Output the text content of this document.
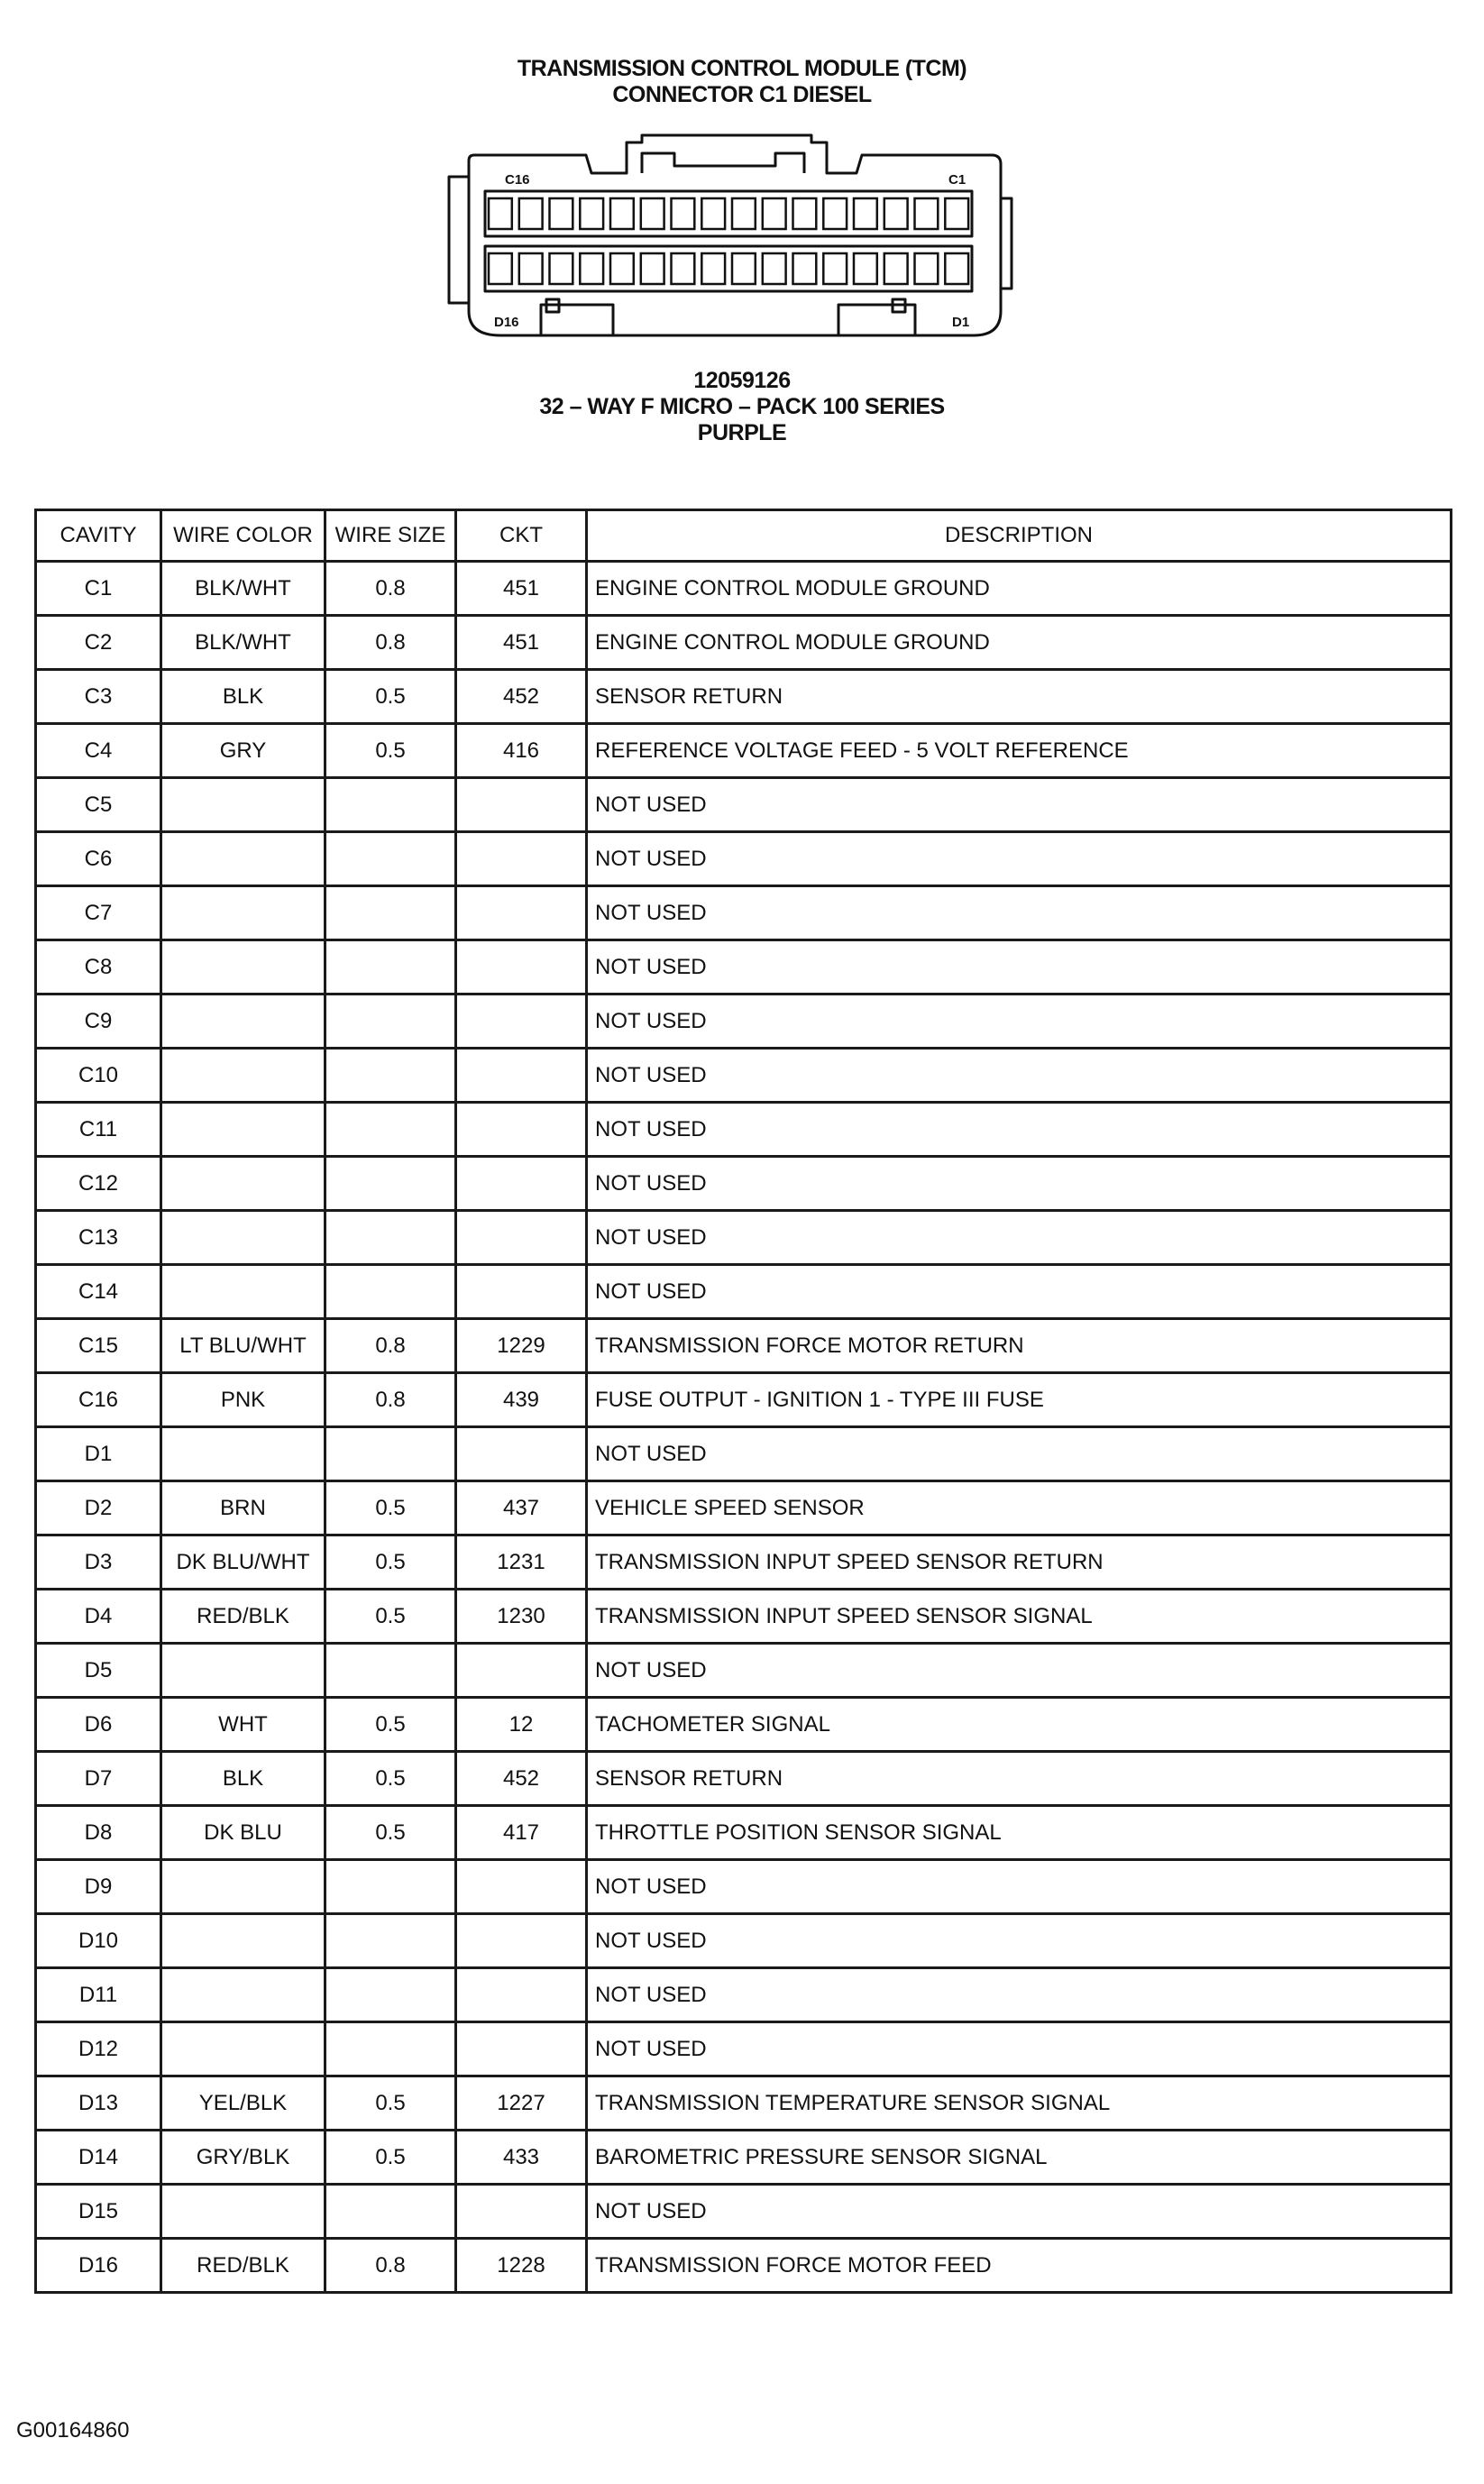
TRANSMISSION CONTROL MODULE (TCM)
CONNECTOR C1 DIESEL
C16	C1
D16	D1
12059126
32 – WAY F MICRO – PACK 100 SERIES
PURPLE
CAVITY	WIRE COLOR	WIRE SIZE	CKT	DESCRIPTION
C1	BLK/WHT	0.8	451	ENGINE CONTROL MODULE GROUND
C2	BLK/WHT	0.8	451	ENGINE CONTROL MODULE GROUND
C3	BLK	0.5	452	SENSOR RETURN
C4	GRY	0.5	416	REFERENCE VOLTAGE FEED - 5 VOLT REFERENCE
C5				NOT USED
C6				NOT USED
C7				NOT USED
C8				NOT USED
C9				NOT USED
C10				NOT USED
C11				NOT USED
C12				NOT USED
C13				NOT USED
C14				NOT USED
C15	LT BLU/WHT	0.8	1229	TRANSMISSION FORCE MOTOR RETURN
C16	PNK	0.8	439	FUSE OUTPUT - IGNITION 1 - TYPE III FUSE
D1				NOT USED
D2	BRN	0.5	437	VEHICLE SPEED SENSOR
D3	DK BLU/WHT	0.5	1231	TRANSMISSION INPUT SPEED SENSOR RETURN
D4	RED/BLK	0.5	1230	TRANSMISSION INPUT SPEED SENSOR SIGNAL
D5				NOT USED
D6	WHT	0.5	12	TACHOMETER SIGNAL
D7	BLK	0.5	452	SENSOR RETURN
D8	DK BLU	0.5	417	THROTTLE POSITION SENSOR SIGNAL
D9				NOT USED
D10				NOT USED
D11				NOT USED
D12				NOT USED
D13	YEL/BLK	0.5	1227	TRANSMISSION TEMPERATURE SENSOR SIGNAL
D14	GRY/BLK	0.5	433	BAROMETRIC PRESSURE SENSOR SIGNAL
D15				NOT USED
D16	RED/BLK	0.8	1228	TRANSMISSION FORCE MOTOR FEED
G00164860
